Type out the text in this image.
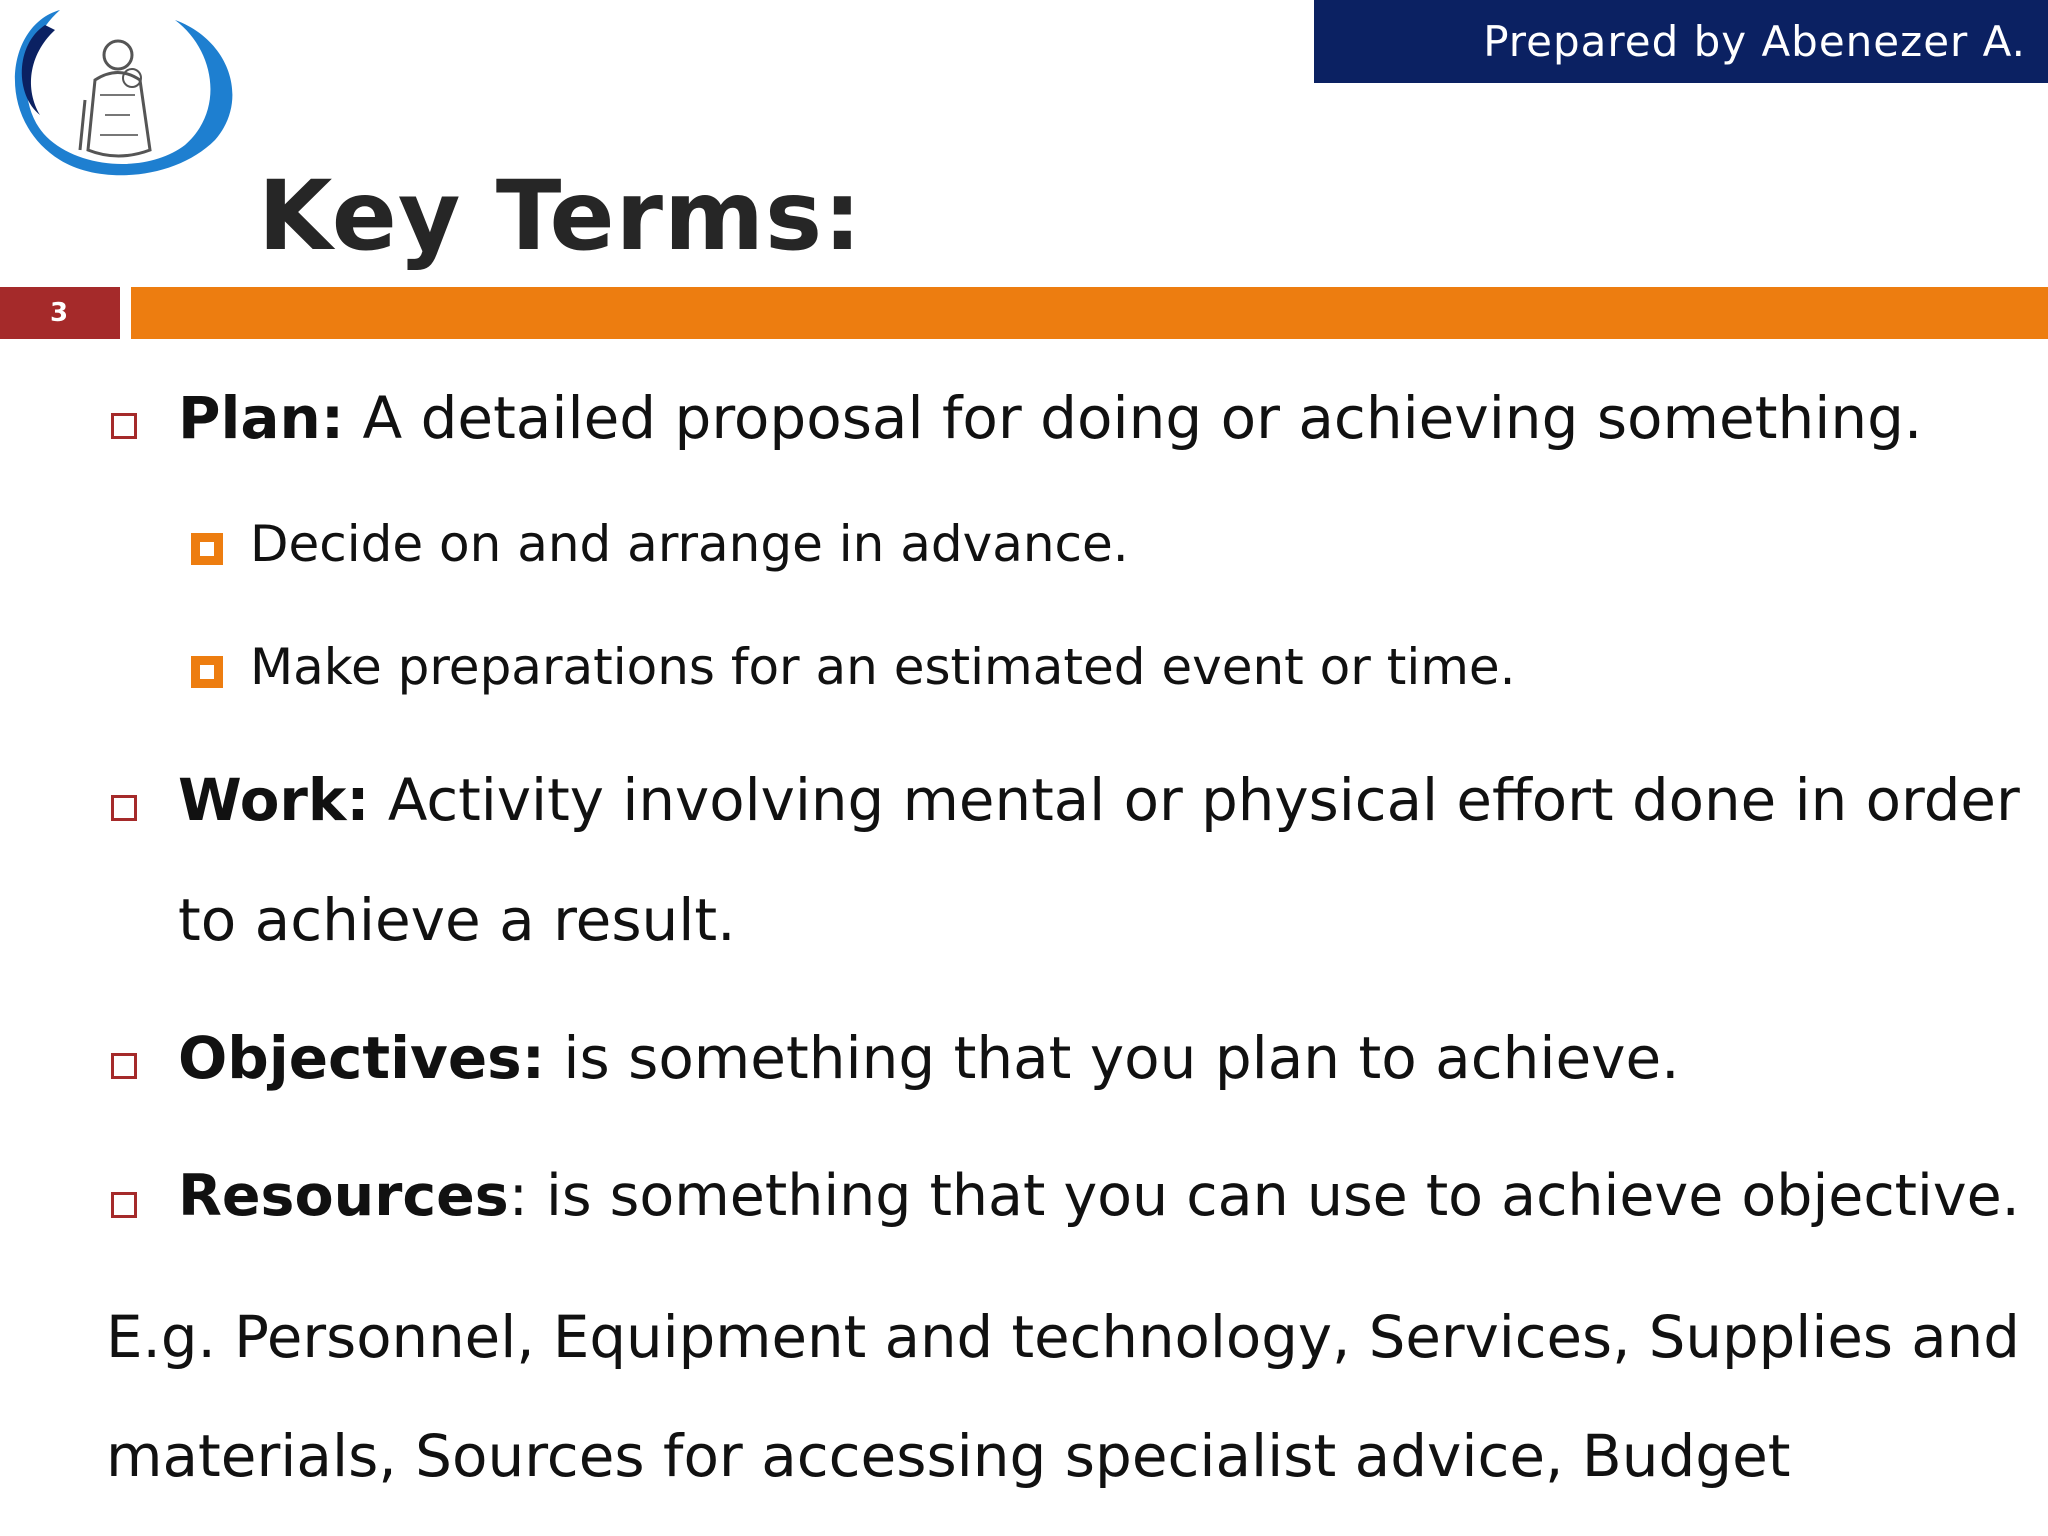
Prepared by Abenezer A.
Key Terms:
3
Plan: A detailed proposal for doing or achieving something.
Decide on and arrange in advance.
Make preparations for an estimated event or time.
Work: Activity involving mental or physical effort done in order
to achieve a result.
Objectives: is something that you plan to achieve.
Resources: is something that you can use to achieve objective.
E.g. Personnel, Equipment and technology, Services, Supplies and
materials, Sources for accessing specialist advice, Budget
